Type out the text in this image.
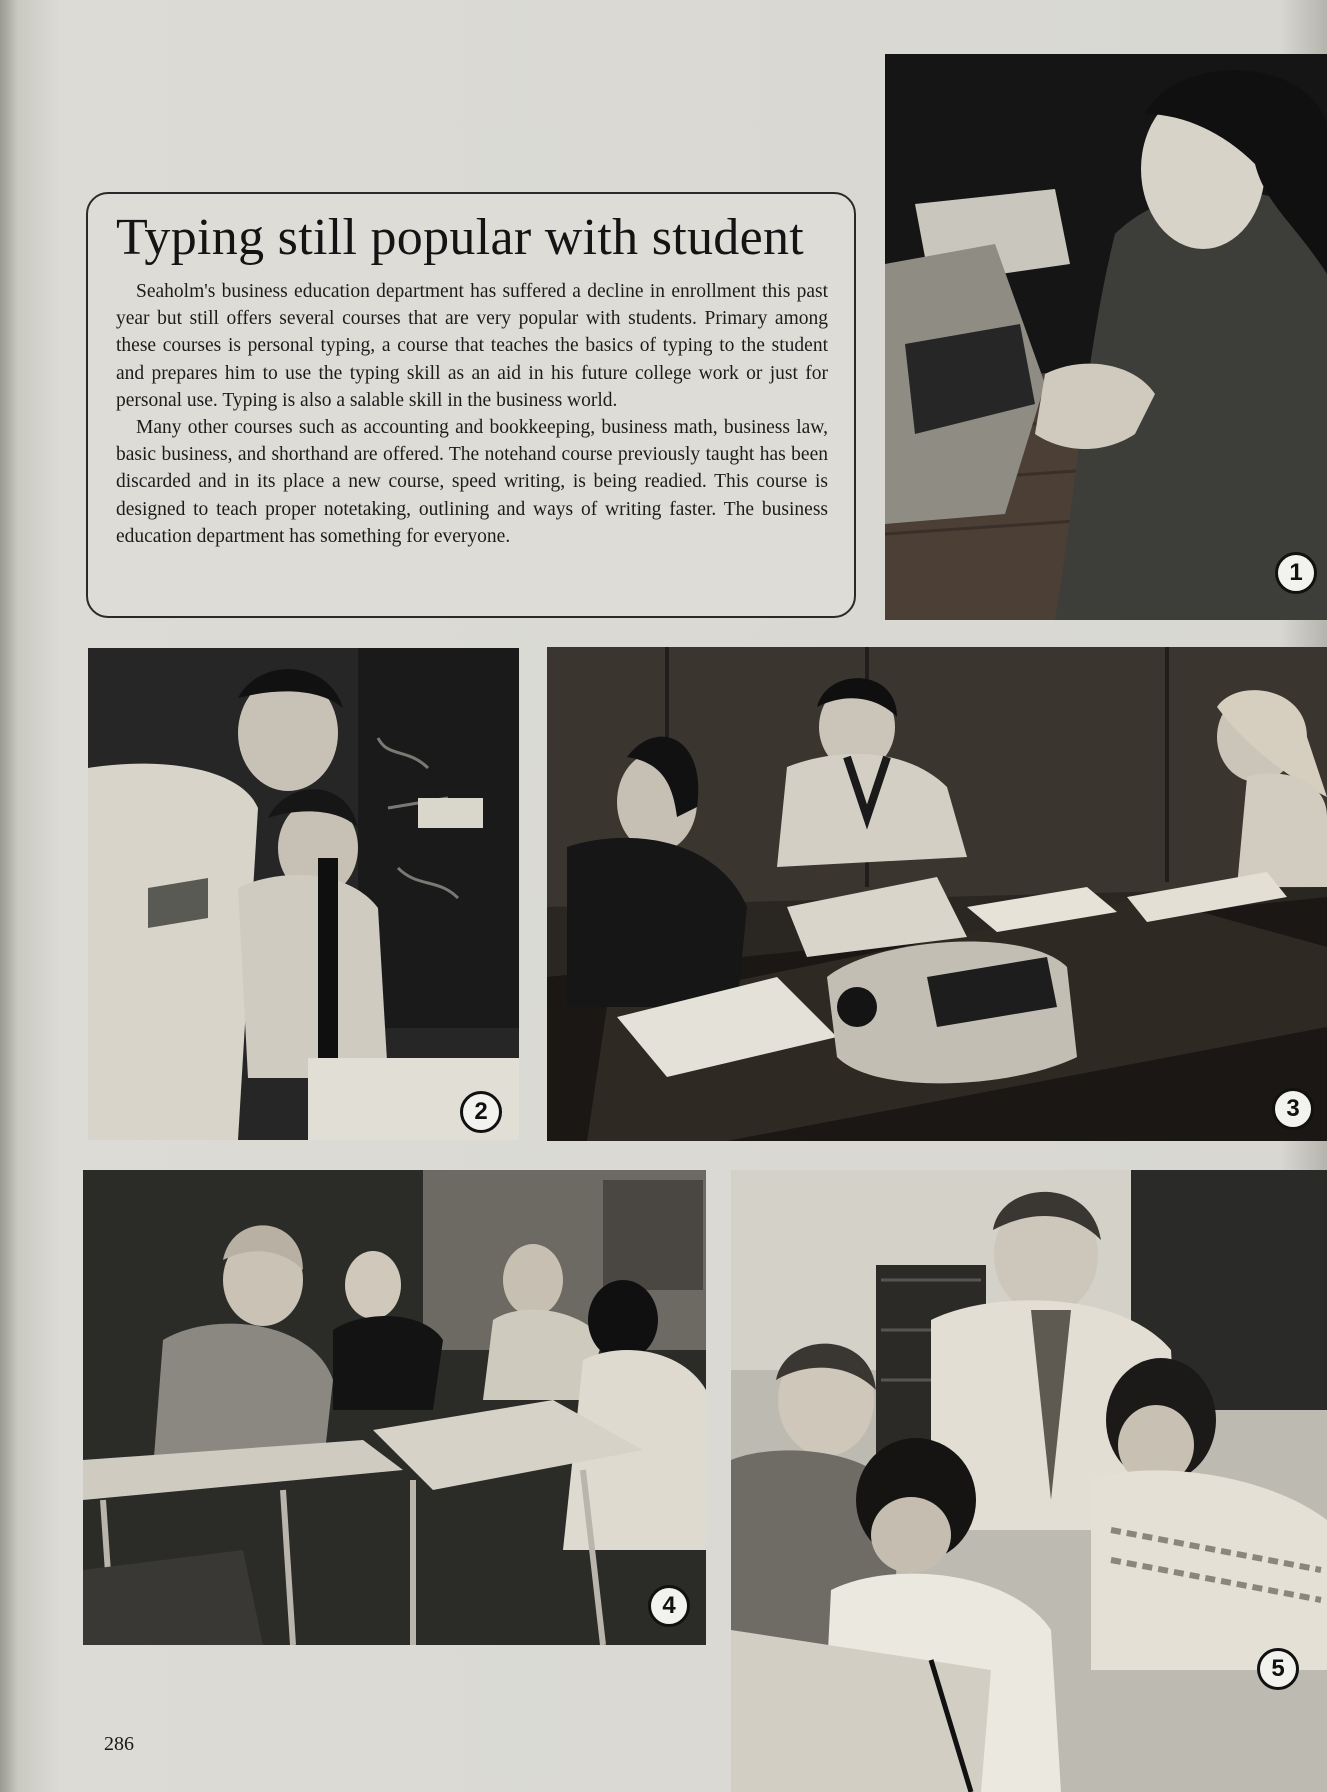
1
Typing still popular with student

Seaholm's business education department has suffered a decline in enrollment this past year but still offers several courses that are very popular with students. Primary among these courses is personal typing, a course that teaches the basics of typing to the student and prepares him to use the typing skill as an aid in his future college work or just for personal use. Typing is also a salable skill in the business world.

Many other courses such as accounting and bookkeeping, business math, business law, basic business, and shorthand are offered. The notehand course previously taught has been discarded and in its place a new course, speed writing, is being readied. This course is designed to teach proper notetaking, outlining and ways of writing faster. The business education department has something for everyone.

2	3
4
5
286
